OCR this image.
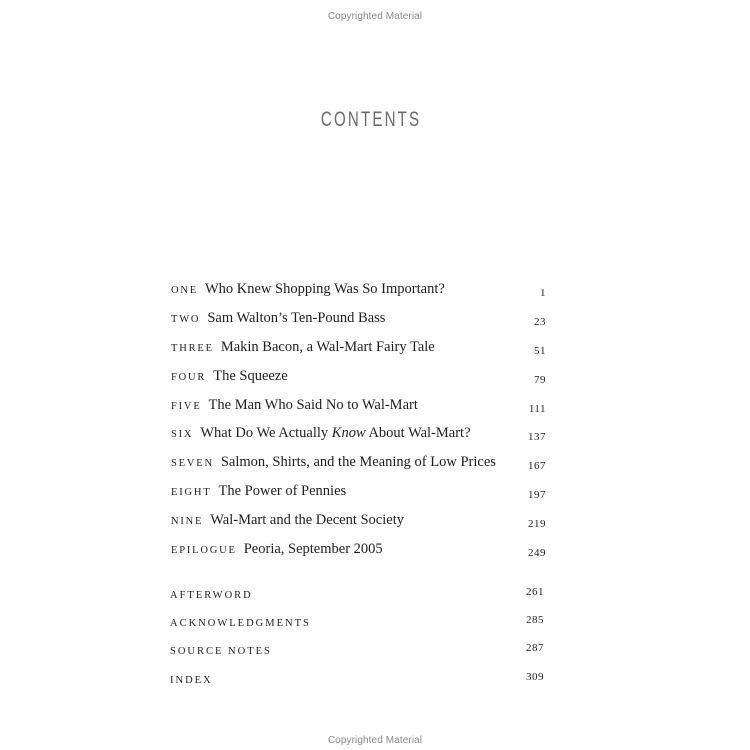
Copyrighted Material
CONTENTS
ONE Who Knew Shopping Was So Important?	1
TWO Sam Walton’s Ten-Pound Bass	23
THREE Makin Bacon, a Wal-Mart Fairy Tale	51
FOUR The Squeeze	79
FIVE The Man Who Said No to Wal-Mart	111
SIX What Do We Actually Know About Wal-Mart?	137
SEVEN Salmon, Shirts, and the Meaning of Low Prices	167
EIGHT The Power of Pennies	197
NINE Wal-Mart and the Decent Society	219
EPILOGUE Peoria, September 2005	249
AFTERWORD	261
ACKNOWLEDGMENTS	285
SOURCE NOTES	287
INDEX	309
Copyrighted Material
